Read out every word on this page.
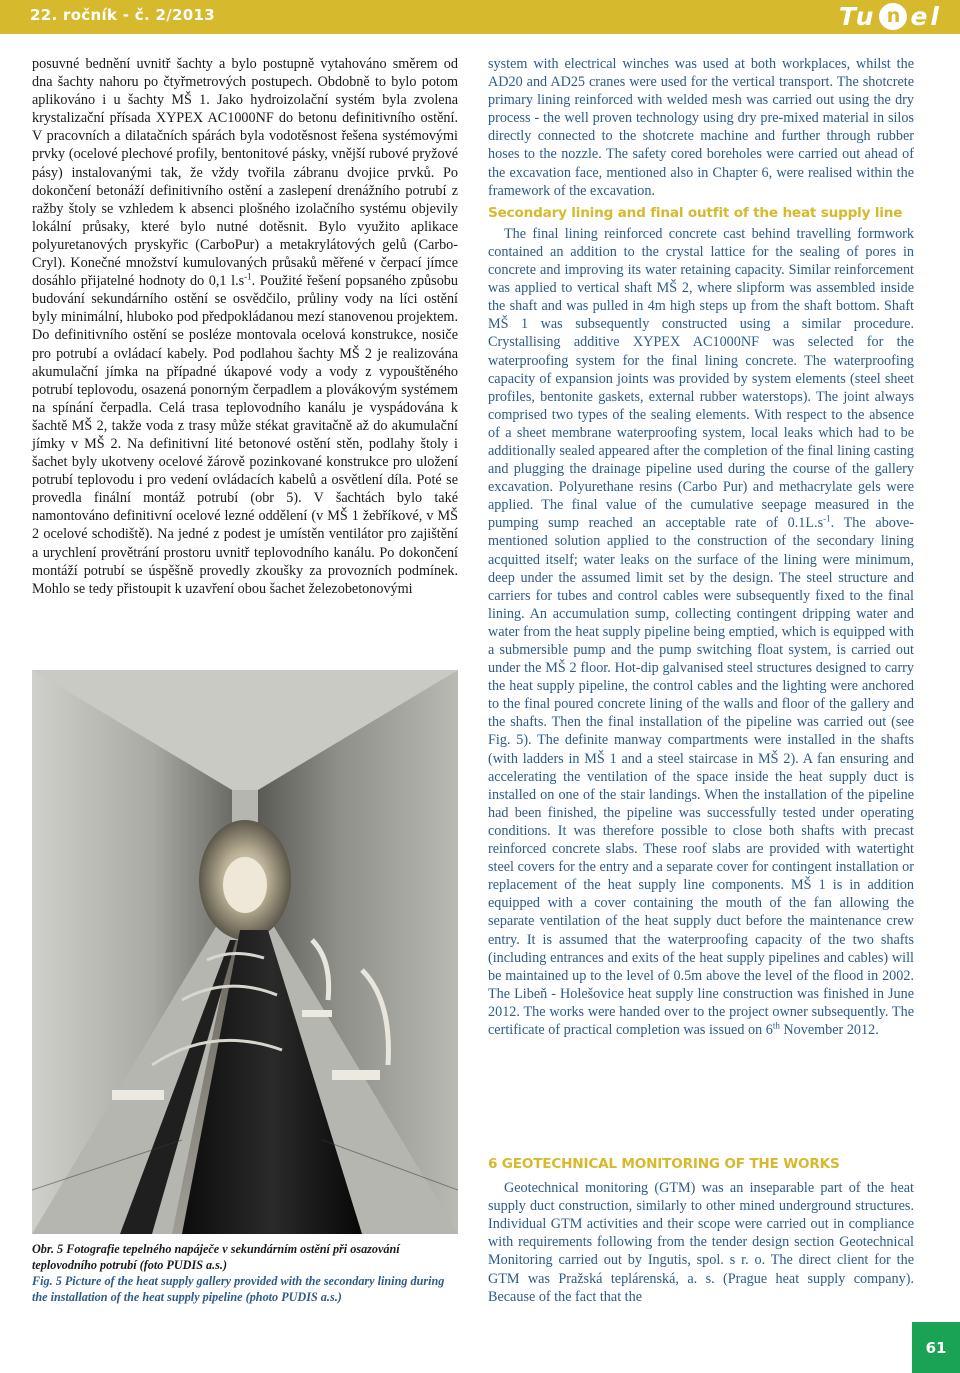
22. ročník - č. 2/2013	Tu n el

posuvné bednění uvnitř šachty a bylo postupně vytahováno směrem od dna šachty nahoru po čtyřmetrových postupech. Obdobně to bylo potom aplikováno i u šachty MŠ 1. Jako hydroizolační systém byla zvolena krystalizační přísada XYPEX AC1000NF do betonu definitivního ostění. V pracovních a dilatačních spárách byla vodotěsnost řešena systémovými prvky (ocelové plechové profily, bentonitové pásky, vnější rubové pryžové pásy) instalovanými tak, že vždy tvořila zábranu dvojice prvků. Po dokončení betonáží definitivního ostění a zaslepení drenážního potrubí z ražby štoly se vzhledem k absenci plošného izolačního systému objevily lokální průsaky, které bylo nutné dotěsnit. Bylo využito aplikace polyuretanových pryskyřic (CarboPur) a metakrylátových gelů (Carbo-Cryl). Konečné množství kumulovaných průsaků měřené v čerpací jímce dosáhlo přijatelné hodnoty do 0,1 $l.s^{-1}$. Použité řešení popsaného způsobu budování sekundárního ostění se osvědčilo, průliny vody na líci ostění byly minimální, hluboko pod předpokládanou mezí stanovenou projektem. Do definitivního ostění se posléze montovala ocelová konstrukce, nosiče pro potrubí a ovládací kabely. Pod podlahou šachty MŠ 2 je realizována akumulační jímka na případné úkapové vody a vody z vypouštěného potrubí teplovodu, osazená ponorným čerpadlem a plovákovým systémem na spínání čerpadla. Celá trasa teplovodního kanálu je vyspádována k šachtě MŠ 2, takže voda z trasy může stékat gravitačně až do akumulační jímky v MŠ 2. Na definitivní lité betonové ostění stěn, podlahy štoly i šachet byly ukotveny ocelové žárově pozinkované konstrukce pro uložení potrubí teplovodu i pro vedení ovládacích kabelů a osvětlení díla. Poté se provedla finální montáž potrubí (obr 5). V šachtách bylo také namontováno definitivní ocelové lezné oddělení (v MŠ 1 žebříkové, v MŠ 2 ocelové schodiště). Na jedné z podest je umístěn ventilátor pro zajištění a urychlení provětrání prostoru uvnitř teplovodního kanálu. Po dokončení montáží potrubí se úspěšně provedly zkoušky za provozních podmínek. Mohlo se tedy přistoupit k uzavření obou šachet železobetonovými

Obr. 5 Fotografie tepelného napáječe v sekundárním ostění při osazování teplovodního potrubí (foto PUDIS a.s.)
Fig. 5 Picture of the heat supply gallery provided with the secondary lining during the installation of the heat supply pipeline (photo PUDIS a.s.)

system with electrical winches was used at both workplaces, whilst the AD20 and AD25 cranes were used for the vertical transport. The shotcrete primary lining reinforced with welded mesh was carried out using the dry process - the well proven technology using dry pre-mixed material in silos directly connected to the shotcrete machine and further through rubber hoses to the nozzle. The safety cored boreholes were carried out ahead of the excavation face, mentioned also in Chapter 6, were realised within the framework of the excavation.

Secondary lining and final outfit of the heat supply line

The final lining reinforced concrete cast behind travelling formwork contained an addition to the crystal lattice for the sealing of pores in concrete and improving its water retaining capacity. Similar reinforcement was applied to vertical shaft MŠ 2, where slipform was assembled inside the shaft and was pulled in 4m high steps up from the shaft bottom. Shaft MŠ 1 was subsequently constructed using a similar procedure. Crystallising additive XYPEX AC1000NF was selected for the waterproofing system for the final lining concrete. The waterproofing capacity of expansion joints was provided by system elements (steel sheet profiles, bentonite gaskets, external rubber waterstops). The joint always comprised two types of the sealing elements. With respect to the absence of a sheet membrane waterproofing system, local leaks which had to be additionally sealed appeared after the completion of the final lining casting and plugging the drainage pipeline used during the course of the gallery excavation. Polyurethane resins (Carbo Pur) and methacrylate gels were applied. The final value of the cumulative seepage measured in the pumping sump reached an acceptable rate of $0.1L.s^{-1}$. The above-mentioned solution applied to the construction of the secondary lining acquitted itself; water leaks on the surface of the lining were minimum, deep under the assumed limit set by the design. The steel structure and carriers for tubes and control cables were subsequently fixed to the final lining. An accumulation sump, collecting contingent dripping water and water from the heat supply pipeline being emptied, which is equipped with a submersible pump and the pump switching float system, is carried out under the MŠ 2 floor. Hot-dip galvanised steel structures designed to carry the heat supply pipeline, the control cables and the lighting were anchored to the final poured concrete lining of the walls and floor of the gallery and the shafts. Then the final installation of the pipeline was carried out (see Fig. 5). The definite manway compartments were installed in the shafts (with ladders in MŠ 1 and a steel staircase in MŠ 2). A fan ensuring and accelerating the ventilation of the space inside the heat supply duct is installed on one of the stair landings. When the installation of the pipeline had been finished, the pipeline was successfully tested under operating conditions. It was therefore possible to close both shafts with precast reinforced concrete slabs. These roof slabs are provided with watertight steel covers for the entry and a separate cover for contingent installation or replacement of the heat supply line components. MŠ 1 is in addition equipped with a cover containing the mouth of the fan allowing the separate ventilation of the heat supply duct before the maintenance crew entry. It is assumed that the waterproofing capacity of the two shafts (including entrances and exits of the heat supply pipelines and cables) will be maintained up to the level of 0.5m above the level of the flood in 2002. The Libeň - Holešovice heat supply line construction was finished in June 2012. The works were handed over to the project owner subsequently. The certificate of practical completion was issued on 6th November 2012.

6 GEOTECHNICAL MONITORING OF THE WORKS

Geotechnical monitoring (GTM) was an inseparable part of the heat supply duct construction, similarly to other mined underground structures. Individual GTM activities and their scope were carried out in compliance with requirements following from the tender design section Geotechnical Monitoring carried out by Ingutis, spol. s r. o. The direct client for the GTM was Pražská teplárenská, a. s. (Prague heat supply company). Because of the fact that the

61
